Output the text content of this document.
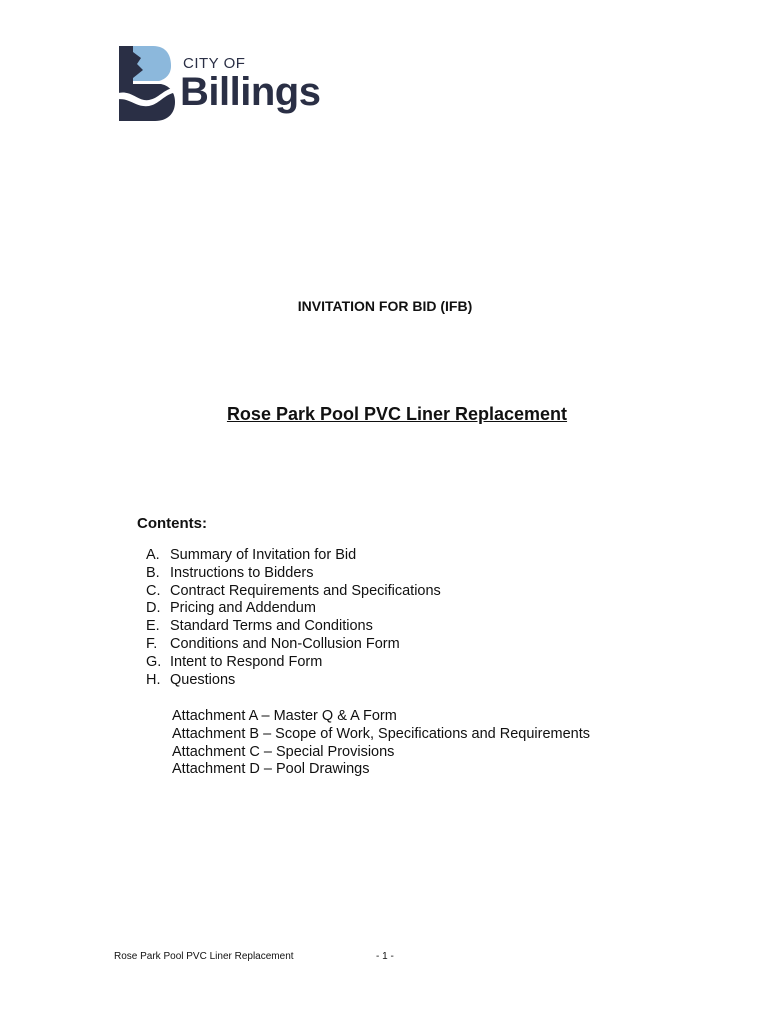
CITY OF
Billings
INVITATION FOR BID (IFB)
Rose Park Pool PVC Liner Replacement
Contents:
A. Summary of Invitation for Bid
B. Instructions to Bidders
C. Contract Requirements and Specifications
D. Pricing and Addendum
E. Standard Terms and Conditions
F. Conditions and Non-Collusion Form
G. Intent to Respond Form
H. Questions
Attachment A – Master Q & A Form
Attachment B – Scope of Work, Specifications and Requirements
Attachment C – Special Provisions
Attachment D – Pool Drawings
Rose Park Pool PVC Liner Replacement	- 1 -
